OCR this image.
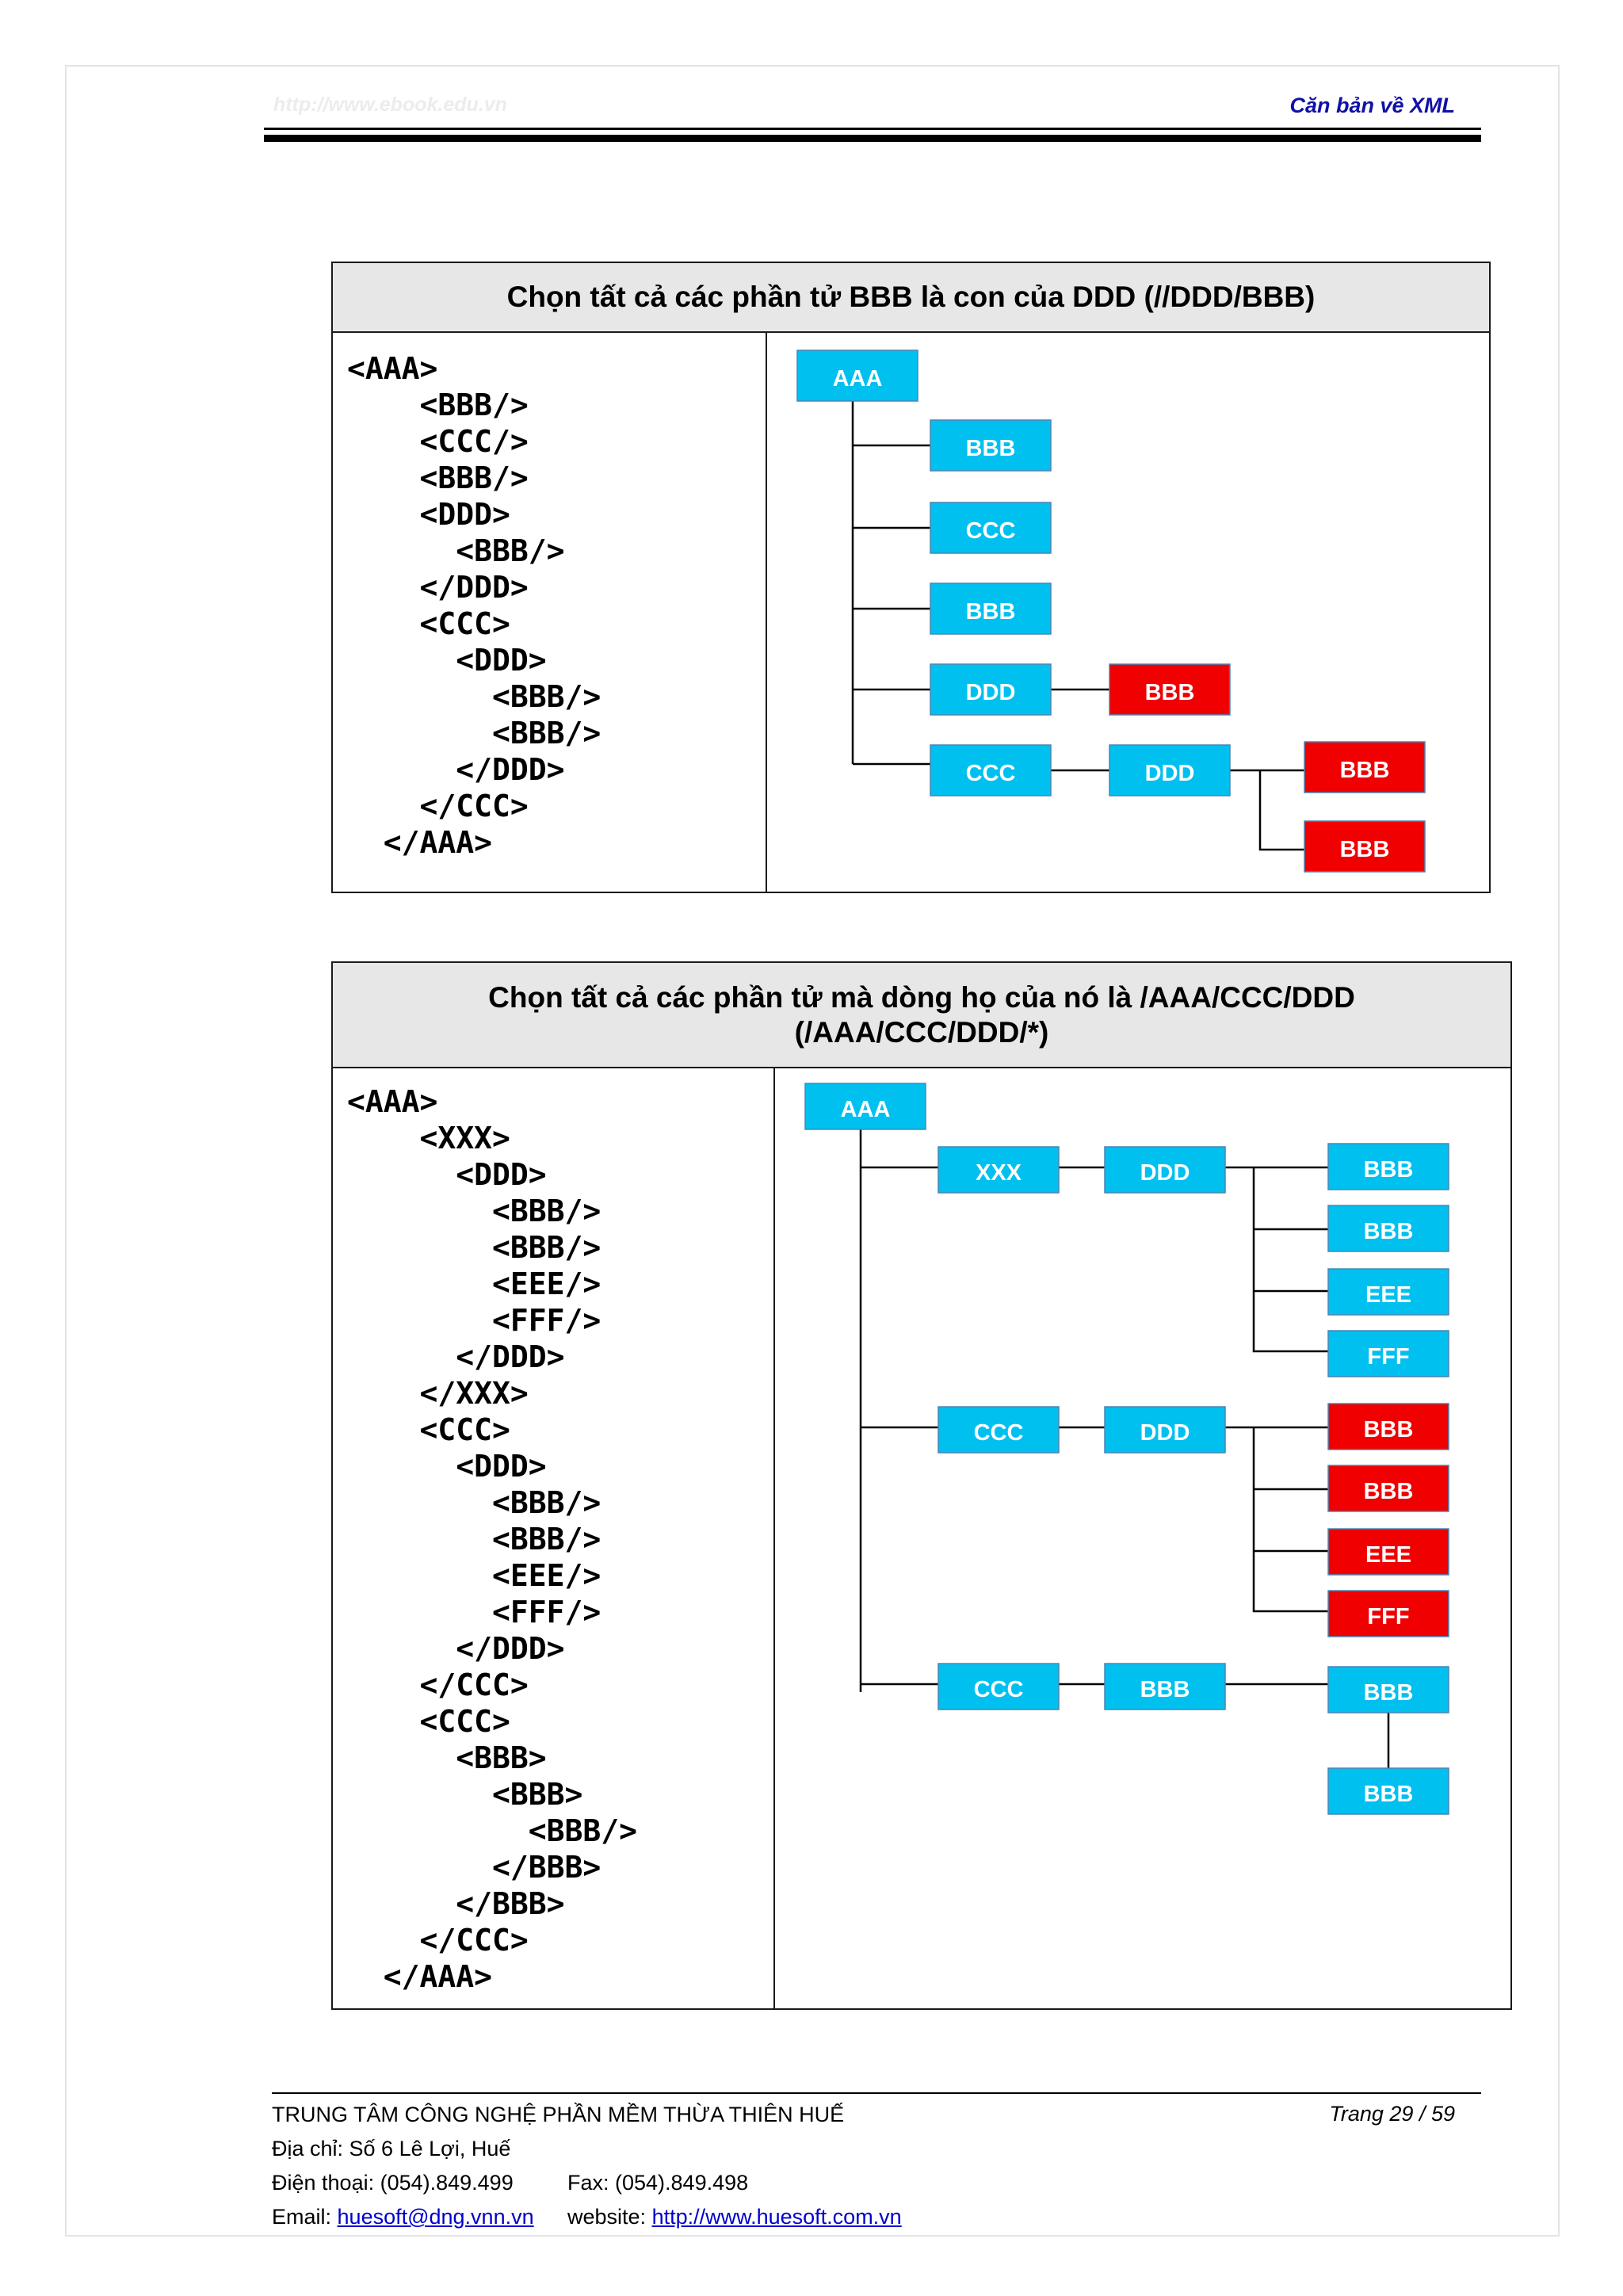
http://www.ebook.edu.vn	Căn bản về XML
Chọn tất cả các phần tử BBB là con của DDD (//DDD/BBB)
<AAA>
<BBB/>
<CCC/>
<BBB/>
<DDD>
<BBB/>
</DDD>
<CCC>
<DDD>
<BBB/>
<BBB/>
</DDD>
</CCC>
</AAA>
AAA
BBB
CCC
BBB
DDD	BBB
CCC	DDD	BBB
BBB
Chọn tất cả các phần tử mà dòng họ của nó là /AAA/CCC/DDD
(/AAA/CCC/DDD/*)
<AAA>
<XXX>
<DDD>
<BBB/>
<BBB/>
<EEE/>
<FFF/>
</DDD>
</XXX>
<CCC>
<DDD>
<BBB/>
<BBB/>
<EEE/>
<FFF/>
</DDD>
</CCC>
<CCC>
<BBB>
<BBB>
<BBB/>
</BBB>
</BBB>
</CCC>
</AAA>
AAA
XXX	DDD	BBB
BBB
EEE
FFF
CCC	DDD	BBB
BBB
EEE
FFF
CCC	BBB	BBB
BBB
TRUNG TÂM CÔNG NGHỆ PHẦN MỀM THỪA THIÊN HUẾ	Trang 29 / 59
Địa chỉ: Số 6 Lê Lợi, Huế
Điện thoại: (054).849.499	Fax: (054).849.498
Email: huesoft@dng.vnn.vn website: http://www.huesoft.com.vn
